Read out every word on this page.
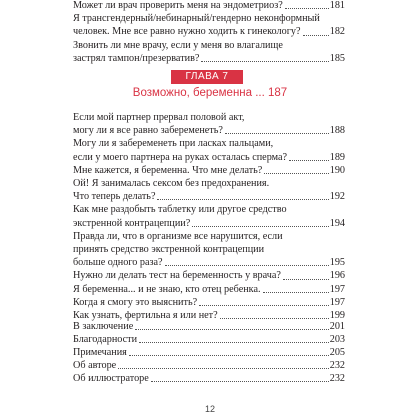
Может ли врач проверить меня на эндометриоз?	181
Я трансгендерный/небинарный/гендерно неконформный
человек. Мне все равно нужно ходить к гинекологу?	182
Звонить ли мне врачу, если у меня во влагалище
застрял тампон/презерватив?	185
ГЛАВА 7
Возможно, беременна ... 187
Если мой партнер прервал половой акт,
могу ли я все равно забеременеть?	188
Могу ли я забеременеть при ласках пальцами,
если у моего партнера на руках осталась сперма?	189
Мне кажется, я беременна. Что мне делать?	190
Ой! Я занималась сексом без предохранения.
Что теперь делать?	192
Как мне раздобыть таблетку или другое средство
экстренной контрацепции?	194
Правда ли, что в организме все нарушится, если
принять средство экстренной контрацепции
больше одного раза?	195
Нужно ли делать тест на беременность у врача?	196
Я беременна... и не знаю, кто отец ребенка.	197
Когда я смогу это выяснить?	197
Как узнать, фертильна я или нет?	199
В заключение	201
Благодарности	203
Примечания	205
Об авторе	232
Об иллюстраторе	232
12
